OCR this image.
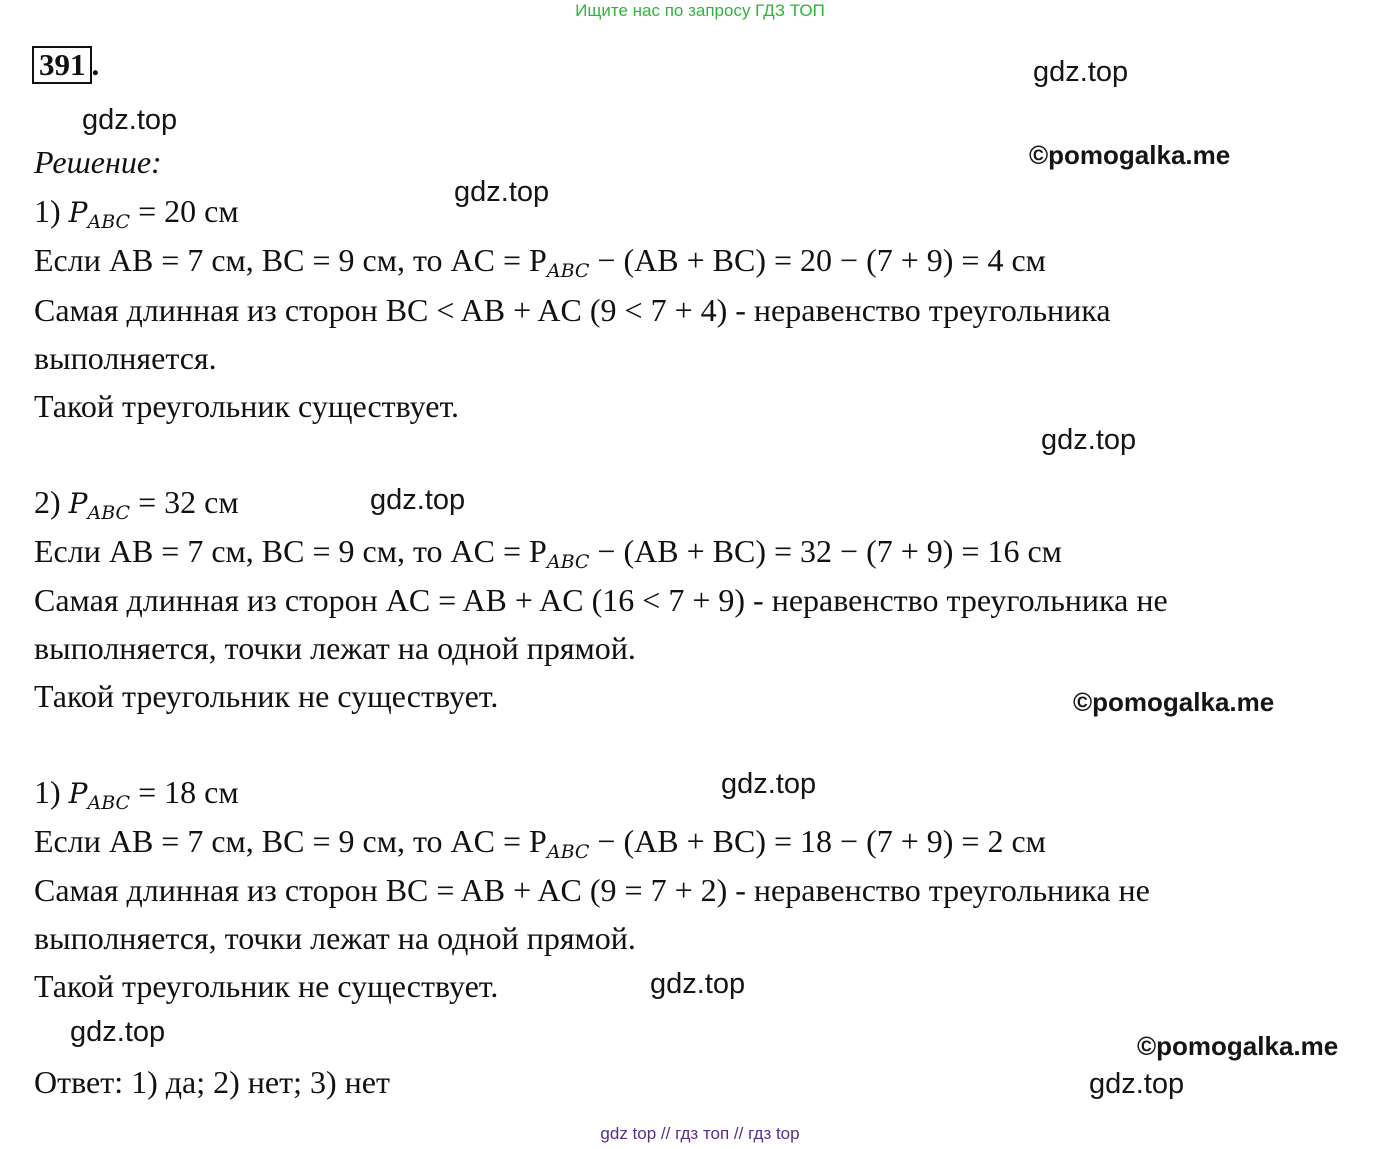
Ищите нас по запросу ГДЗ ТОП
391 .	gdz.top
gdz.top
©pomogalka.me
gdz.top
gdz.top
gdz.top
©pomogalka.me
gdz.top
gdz.top
gdz.top	©pomogalka.me
gdz.top
Решение:
1) $P_{ABC} = 20$ см
Если AB = 7 см, BC = 9 см, то AC = $P_{ABC} - (AB + BC) = 20 - (7 + 9) = 4$ см
Самая длинная из сторон BC < AB + AC (9 < 7 + 4) - неравенство треугольника
выполняется.
Такой треугольник существует.
2) $P_{ABC} = 32$ см
Если AB = 7 см, BC = 9 см, то AC = $P_{ABC} - (AB + BC) = 32 - (7 + 9) = 16$ см
Самая длинная из сторон AC = AB + AC (16 < 7 + 9) - неравенство треугольника не
выполняется, точки лежат на одной прямой.
Такой треугольник не существует.
1) $P_{ABC} = 18$ см
Если AB = 7 см, BC = 9 см, то AC = $P_{ABC} - (AB + BC) = 18 - (7 + 9) = 2$ см
Самая длинная из сторон BC = AB + AC (9 = 7 + 2) - неравенство треугольника не
выполняется, точки лежат на одной прямой.
Такой треугольник не существует.
Ответ: 1) да; 2) нет; 3) нет
gdz top // гдз топ // гдз top
